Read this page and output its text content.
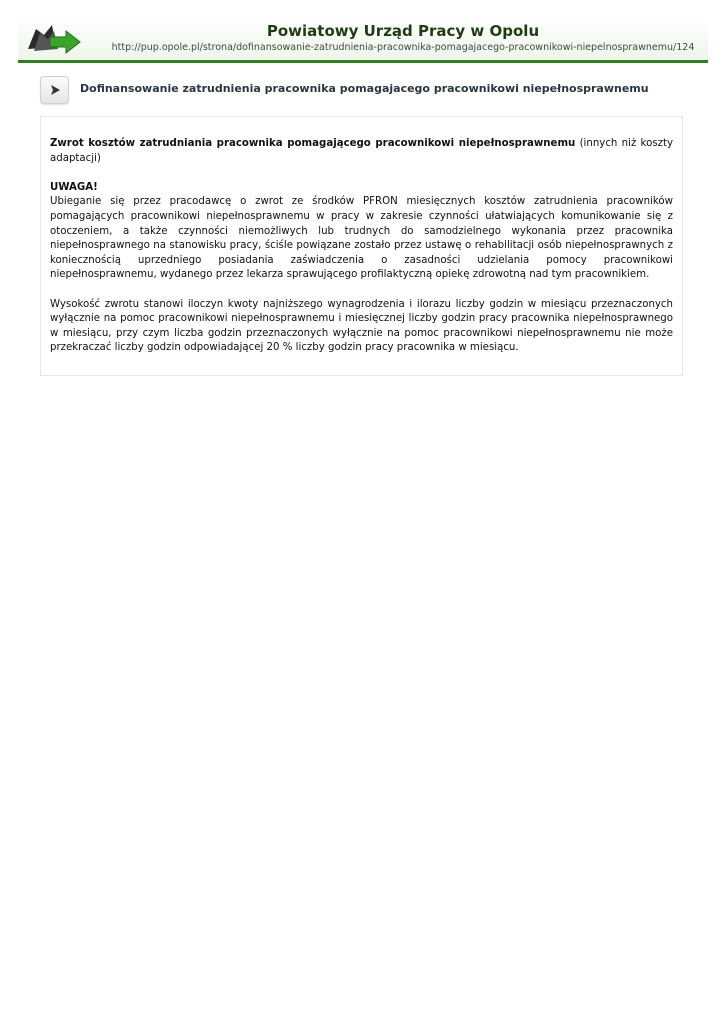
Powiatowy Urząd Pracy w Opolu
http://pup.opole.pl/strona/dofinansowanie-zatrudnienia-pracownika-pomagajacego-pracownikowi-niepelnosprawnemu/124
Dofinansowanie zatrudnienia pracownika pomagajacego pracownikowi niepełnosprawnemu

Zwrot kosztów zatrudniania pracownika pomagającego pracownikowi niepełnosprawnemu (innych niż koszty adaptacji)

UWAGA!
Ubieganie się przez pracodawcę o zwrot ze środków PFRON miesięcznych kosztów zatrudnienia pracowników pomagających pracownikowi niepełnosprawnemu w pracy w zakresie czynności ułatwiających komunikowanie się z otoczeniem, a także czynności niemożliwych lub trudnych do samodzielnego wykonania przez pracownika niepełnosprawnego na stanowisku pracy, ściśle powiązane zostało przez ustawę o rehabilitacji osób niepełnosprawnych z koniecznością uprzedniego posiadania zaświadczenia o zasadności udzielania pomocy pracownikowi niepełnosprawnemu, wydanego przez lekarza sprawującego profilaktyczną opiekę zdrowotną nad tym pracownikiem.

Wysokość zwrotu stanowi iloczyn kwoty najniższego wynagrodzenia i ilorazu liczby godzin w miesiącu przeznaczonych wyłącznie na pomoc pracownikowi niepełnosprawnemu i miesięcznej liczby godzin pracy pracownika niepełnosprawnego w miesiącu, przy czym liczba godzin przeznaczonych wyłącznie na pomoc pracownikowi niepełnosprawnemu nie może przekraczać liczby godzin odpowiadającej 20 % liczby godzin pracy pracownika w miesiącu.
